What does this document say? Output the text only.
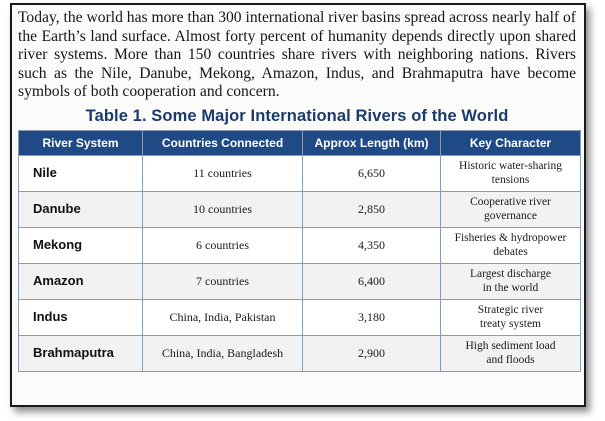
Today, the world has more than 300 international river basins spread across nearly half of the Earth’s land surface. Almost forty percent of humanity depends directly upon shared river systems. More than 150 countries share rivers with neighboring nations. Rivers such as the Nile, Danube, Mekong, Amazon, Indus, and Brahmaputra have become symbols of both cooperation and concern.

Table 1. Some Major International Rivers of the World
River System	Countries Connected	Approx Length (km)	Key Character
Nile	11 countries	6,650	Historic water-sharing
tensions
Danube	10 countries	2,850	Cooperative river
governance
Mekong	6 countries	4,350	Fisheries & hydropower
debates
Amazon	7 countries	6,400	Largest discharge
in the world
Indus	China, India, Pakistan	3,180	Strategic river
treaty system
Brahmaputra	China, India, Bangladesh	2,900	High sediment load
and floods
